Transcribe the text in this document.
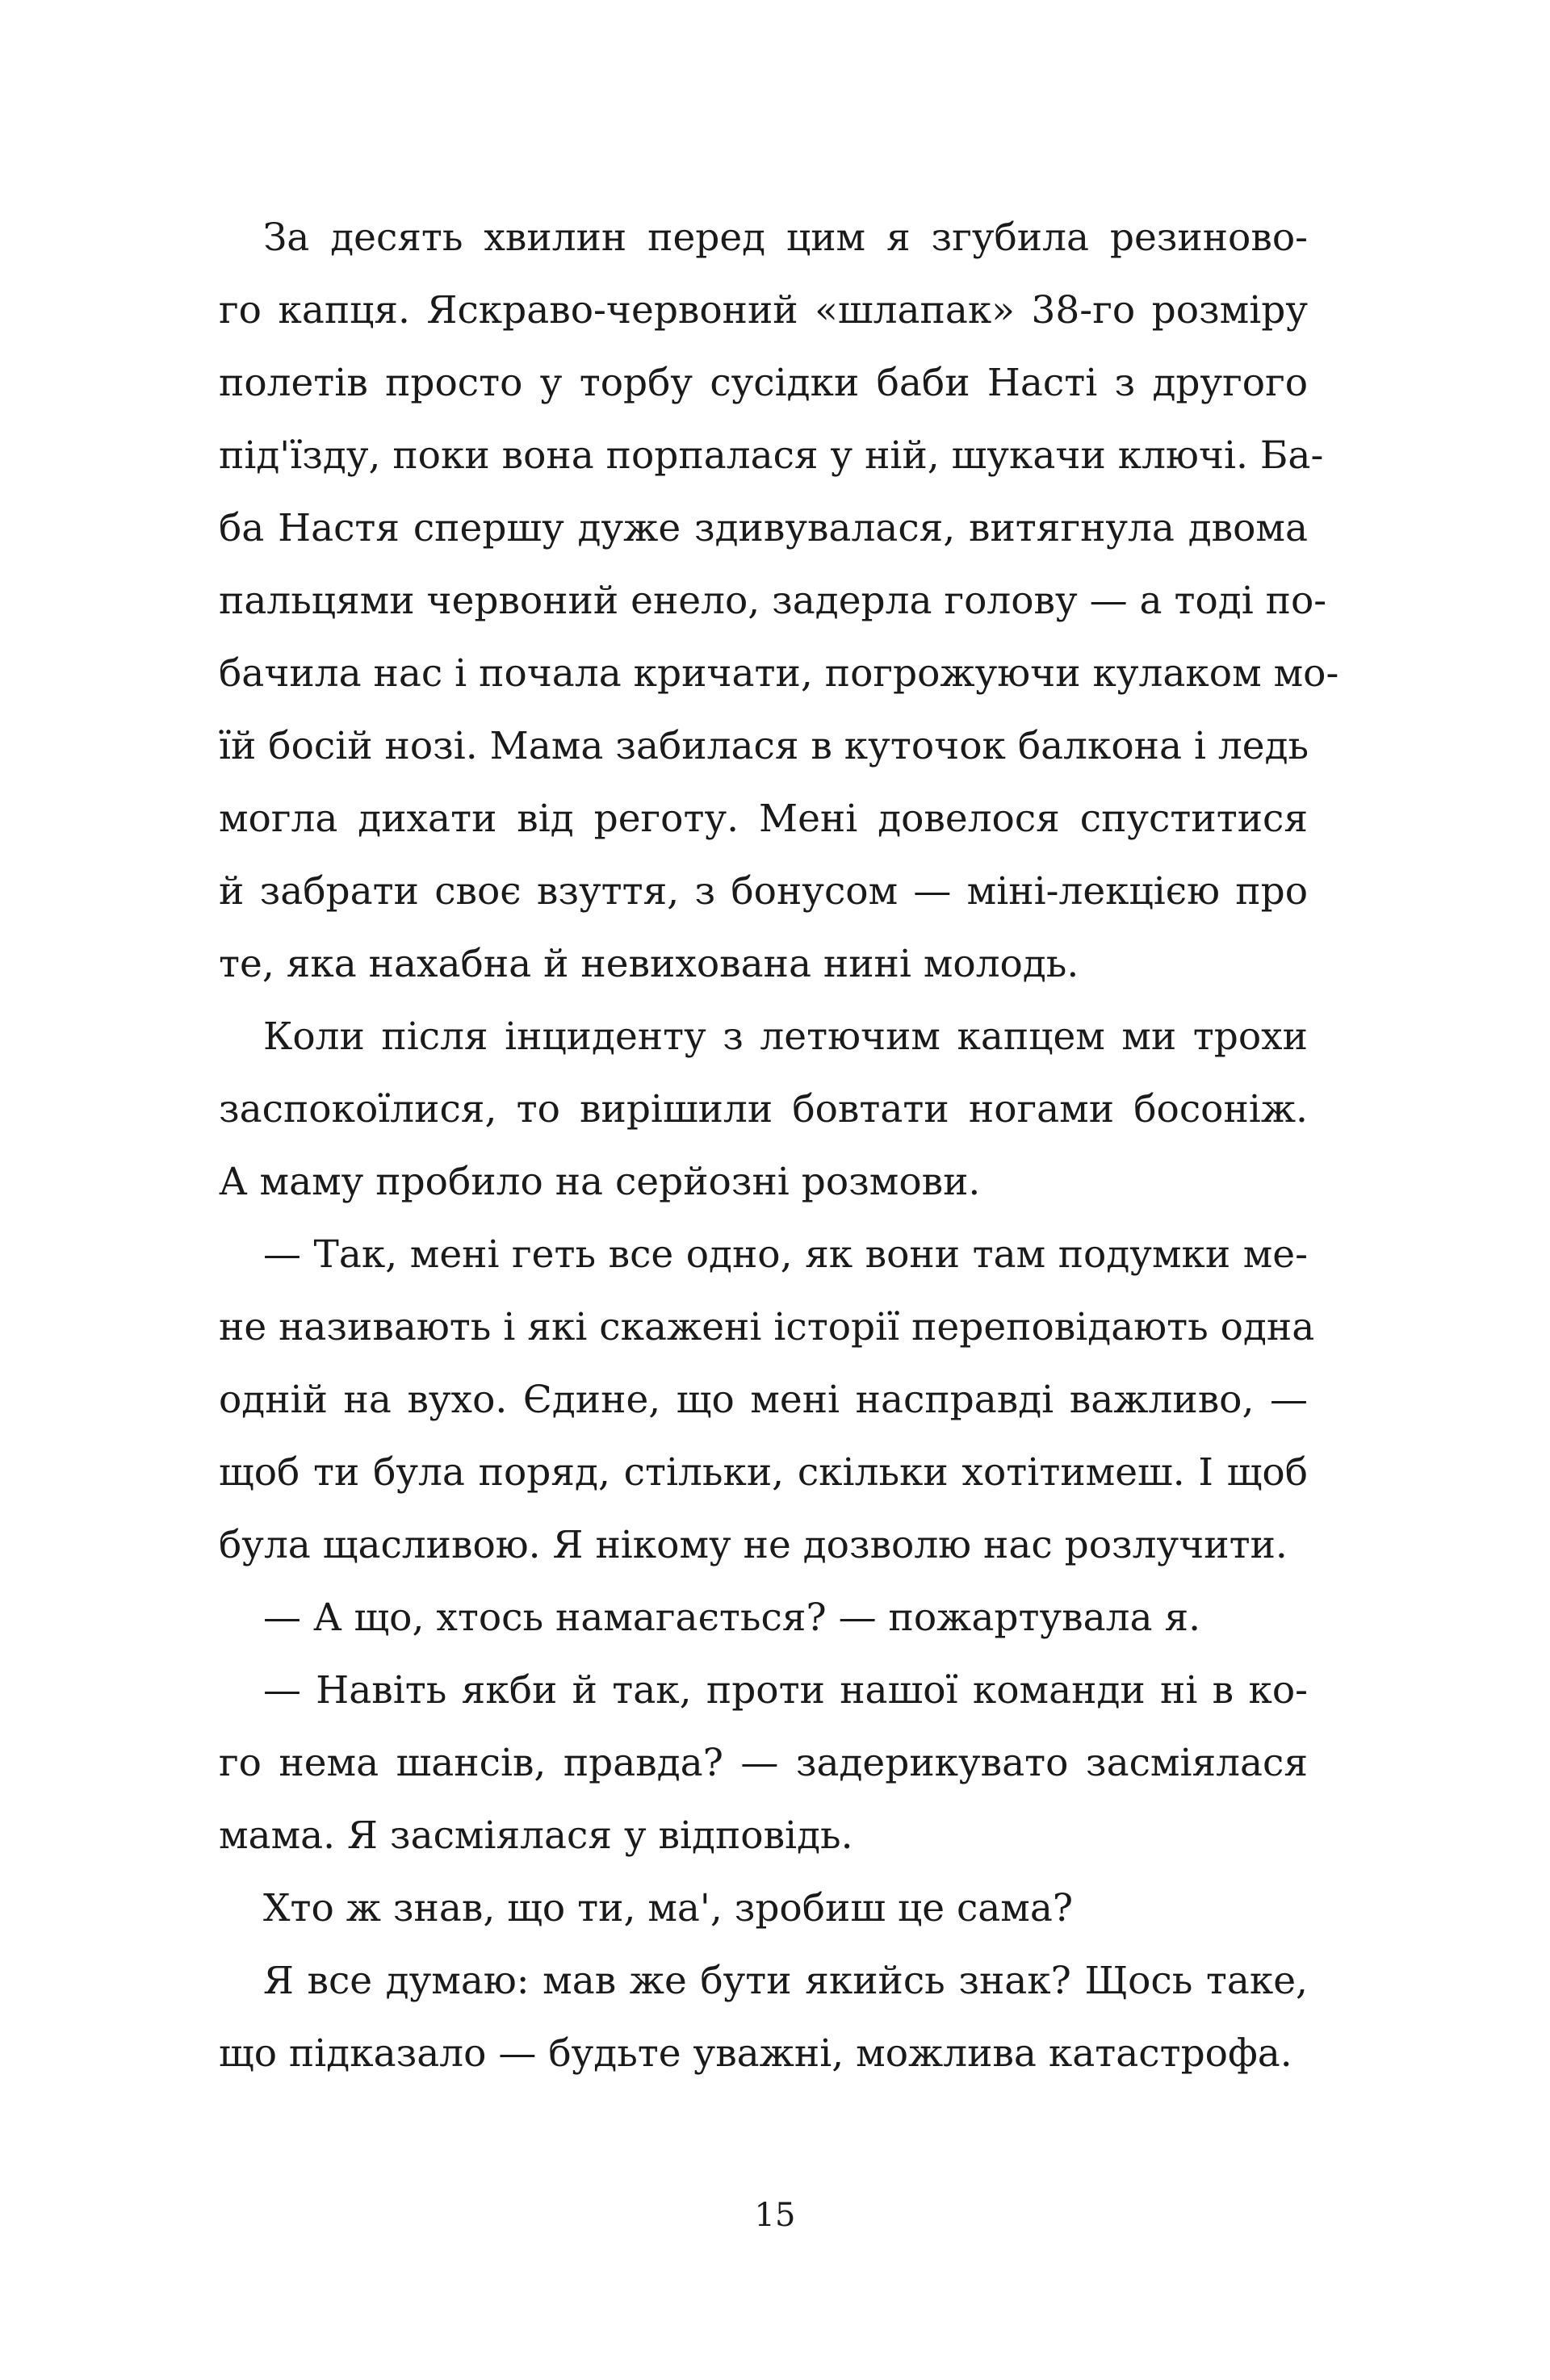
За десять хвилин перед цим я згубила резиново-
го капця. Яскраво-червоний «шлапак» 38-го розміру
полетів просто у торбу сусідки баби Насті з другого
під'їзду, поки вона порпалася у ній, шукачи ключі. Ба-
ба Настя спершу дуже здивувалася, витягнула двома
пальцями червоний енело, задерла голову — а тоді по-
бачила нас і почала кричати, погрожуючи кулаком мо-
їй босій нозі. Мама забилася в куточок балкона і ледь
могла дихати від реготу. Мені довелося спуститися
й забрати своє взуття, з бонусом — міні-лекцією про
те, яка нахабна й невихована нині молодь.
Коли після інциденту з летючим капцем ми трохи
заспокоїлися, то вирішили бовтати ногами босоніж.
А маму пробило на серйозні розмови.
— Так, мені геть все одно, як вони там подумки ме-
не називають і які скажені історії переповідають одна
одній на вухо. Єдине, що мені насправді важливо, —
щоб ти була поряд, стільки, скільки хотітимеш. І щоб
була щасливою. Я нікому не дозволю нас розлучити.
— А що, хтось намагається? — пожартувала я.
— Навіть якби й так, проти нашої команди ні в ко-
го нема шансів, правда? — задерикувато засміялася
мама. Я засміялася у відповідь.
Хто ж знав, що ти, ма', зробиш це сама?
Я все думаю: мав же бути якийсь знак? Щось таке,
що підказало — будьте уважні, можлива катастрофа.
15
